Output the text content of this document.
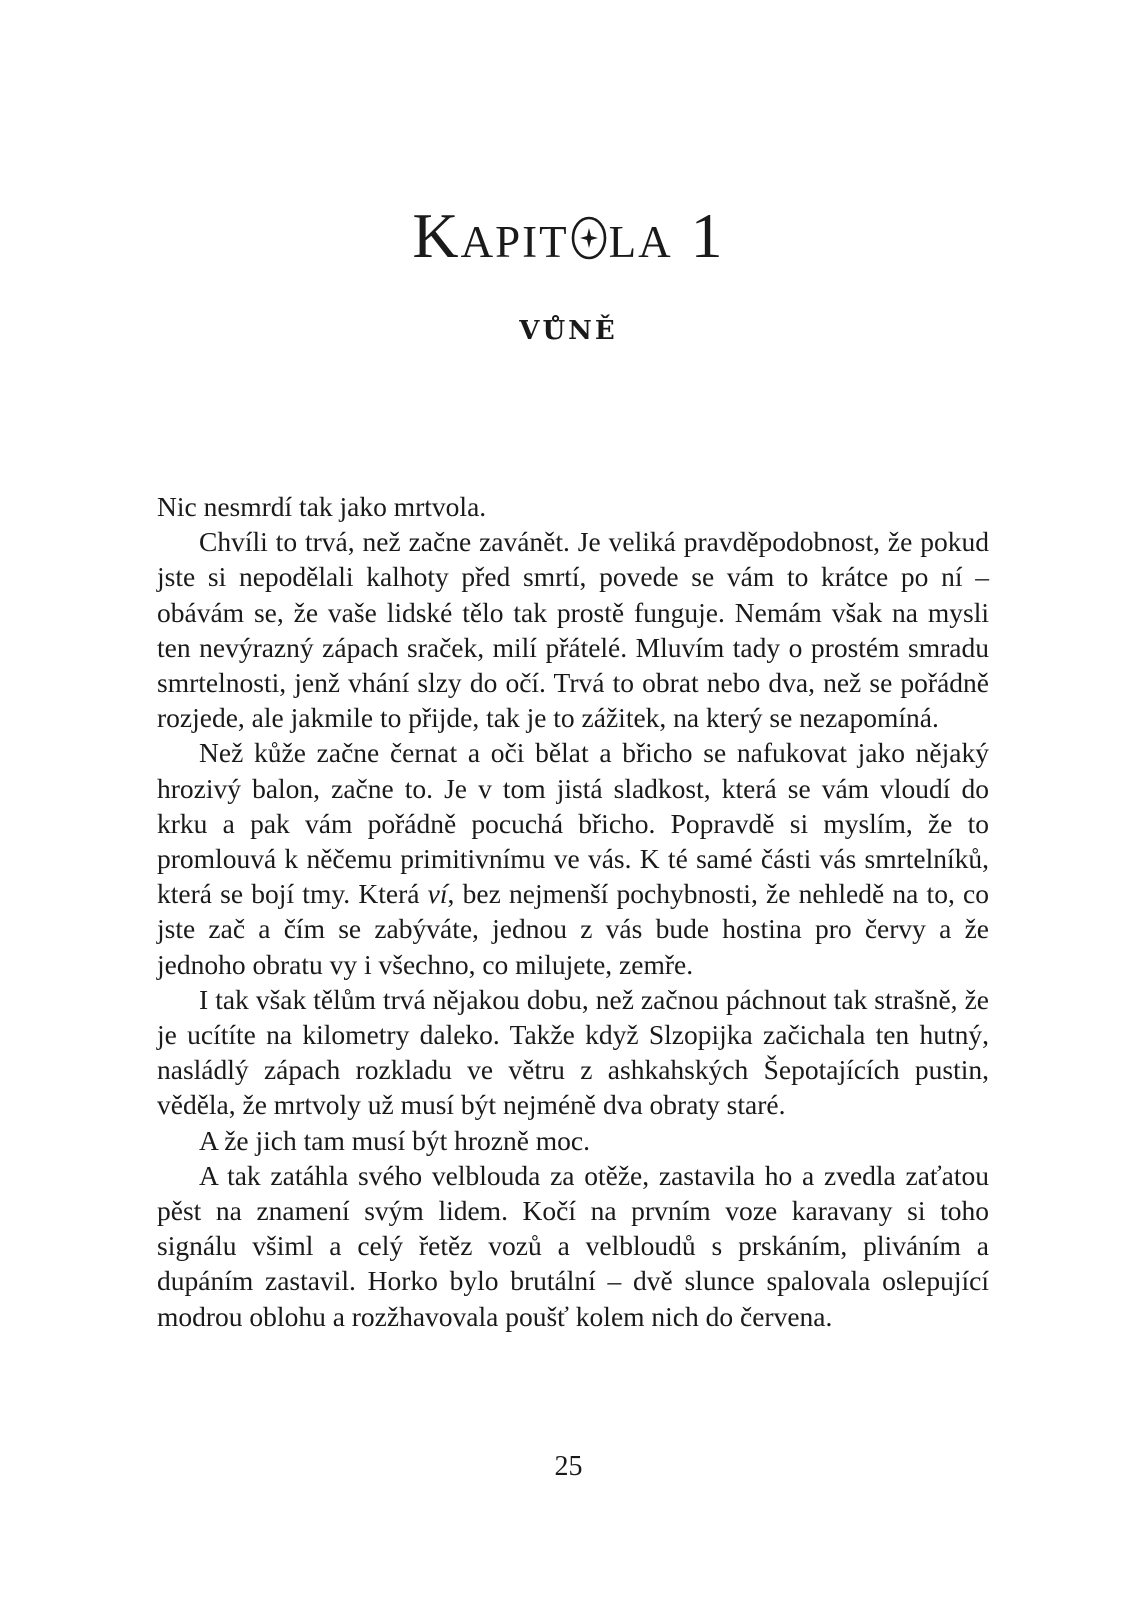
Kapit la 1
VŮNĚ

Nic nesmrdí tak jako mrtvola.

Chvíli to trvá, než začne zavánět. Je veliká pravděpodobnost, že pokud jste si nepodělali kalhoty před smrtí, povede se vám to krátce po ní – obávám se, že vaše lidské tělo tak prostě funguje. Nemám však na mysli ten nevýrazný zápach sraček, milí přátelé. Mluvím tady o prostém smradu smrtelnosti, jenž vhání slzy do očí. Trvá to obrat nebo dva, než se pořádně rozjede, ale jakmile to přijde, tak je to zážitek, na který se nezapomíná.

Než kůže začne černat a oči bělat a břicho se nafukovat jako nějaký hrozivý balon, začne to. Je v tom jistá sladkost, která se vám vloudí do krku a pak vám pořádně pocuchá břicho. Popravdě si myslím, že to promlouvá k něčemu primitivnímu ve vás. K té samé části vás smrtelníků, která se bojí tmy. Která ví, bez nejmenší pochybnosti, že nehledě na to, co jste zač a čím se zabýváte, jednou z vás bude hostina pro červy a že jednoho obratu vy i všechno, co milujete, zemře.

I tak však tělům trvá nějakou dobu, než začnou páchnout tak strašně, že je ucítíte na kilometry daleko. Takže když Slzopijka začichala ten hutný, nasládlý zápach rozkladu ve větru z ashkahských Šepotajících pustin, věděla, že mrtvoly už musí být nejméně dva obraty staré.

A že jich tam musí být hrozně moc.

A tak zatáhla svého velblouda za otěže, zastavila ho a zvedla zaťatou pěst na znamení svým lidem. Kočí na prvním voze karavany si toho signálu všiml a celý řetěz vozů a velbloudů s prskáním, pliváním a dupáním zastavil. Horko bylo brutální – dvě slunce spalovala oslepující modrou oblohu a rozžhavovala poušť kolem nich do červena.

25
